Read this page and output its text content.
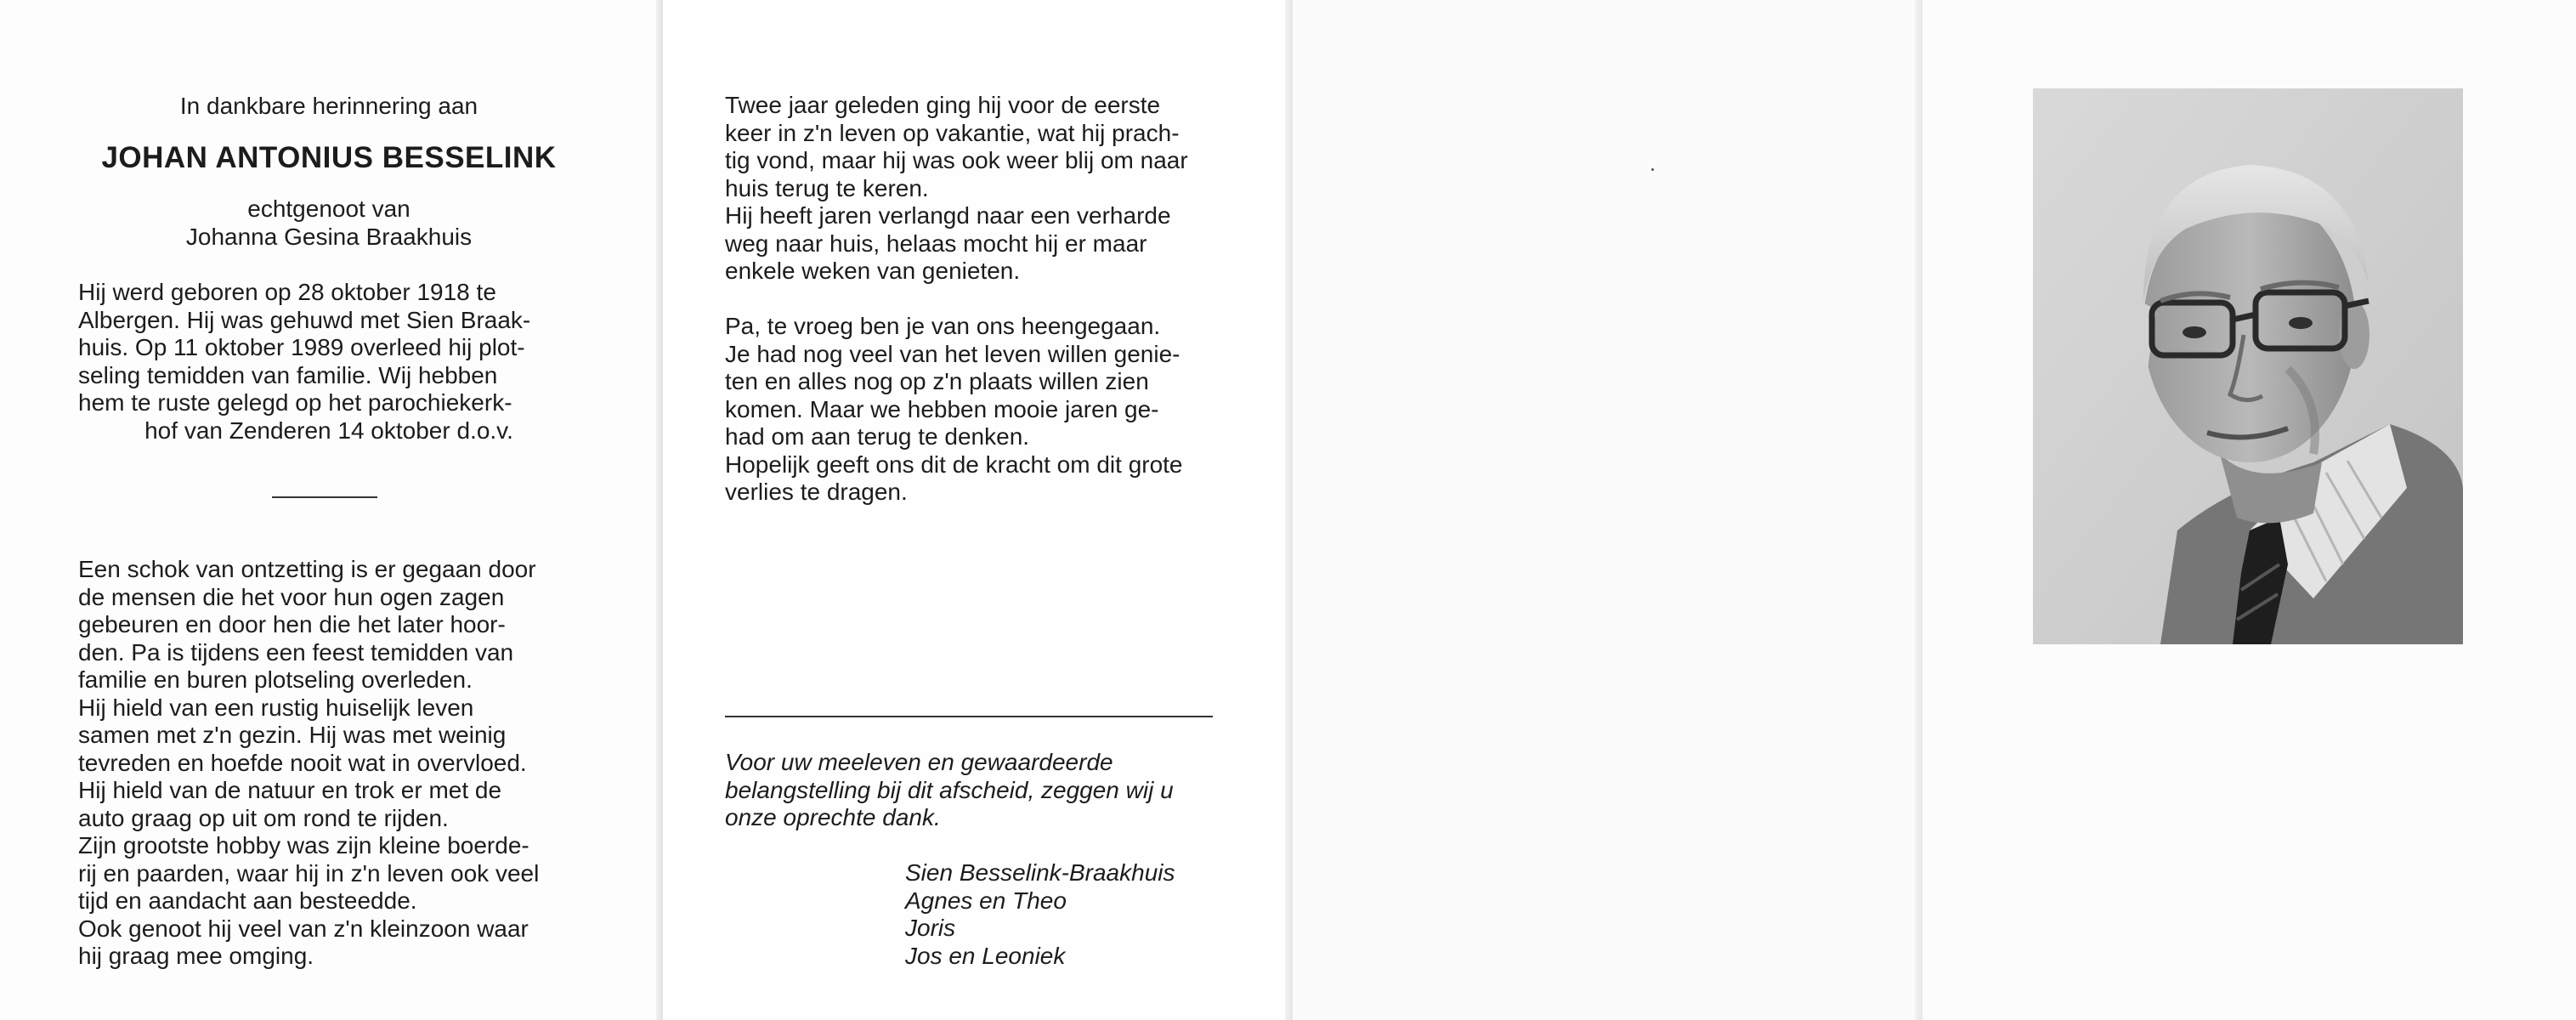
In dankbare herinnering aan
JOHAN ANTONIUS BESSELINK
echtgenoot van
Johanna Gesina Braakhuis
Hij werd geboren op 28 oktober 1918 te
Albergen. Hij was gehuwd met Sien Braak-
huis. Op 11 oktober 1989 overleed hij plot-
seling temidden van familie. Wij hebben
hem te ruste gelegd op het parochiekerk-
hof van Zenderen 14 oktober d.o.v.
Een schok van ontzetting is er gegaan door
de mensen die het voor hun ogen zagen
gebeuren en door hen die het later hoor-
den. Pa is tijdens een feest temidden van
familie en buren plotseling overleden.
Hij hield van een rustig huiselijk leven
samen met z'n gezin. Hij was met weinig
tevreden en hoefde nooit wat in overvloed.
Hij hield van de natuur en trok er met de
auto graag op uit om rond te rijden.
Zijn grootste hobby was zijn kleine boerde-
rij en paarden, waar hij in z'n leven ook veel
tijd en aandacht aan besteedde.
Ook genoot hij veel van z'n kleinzoon waar
hij graag mee omging.
Twee jaar geleden ging hij voor de eerste
keer in z'n leven op vakantie, wat hij prach-
tig vond, maar hij was ook weer blij om naar
huis terug te keren.
Hij heeft jaren verlangd naar een verharde
weg naar huis, helaas mocht hij er maar
enkele weken van genieten.
Pa, te vroeg ben je van ons heengegaan.
Je had nog veel van het leven willen genie-
ten en alles nog op z'n plaats willen zien
komen. Maar we hebben mooie jaren ge-
had om aan terug te denken.
Hopelijk geeft ons dit de kracht om dit grote
verlies te dragen.
Voor uw meeleven en gewaardeerde
belangstelling bij dit afscheid, zeggen wij u
onze oprechte dank.
Sien Besselink-Braakhuis
Agnes en Theo
Joris
Jos en Leoniek
